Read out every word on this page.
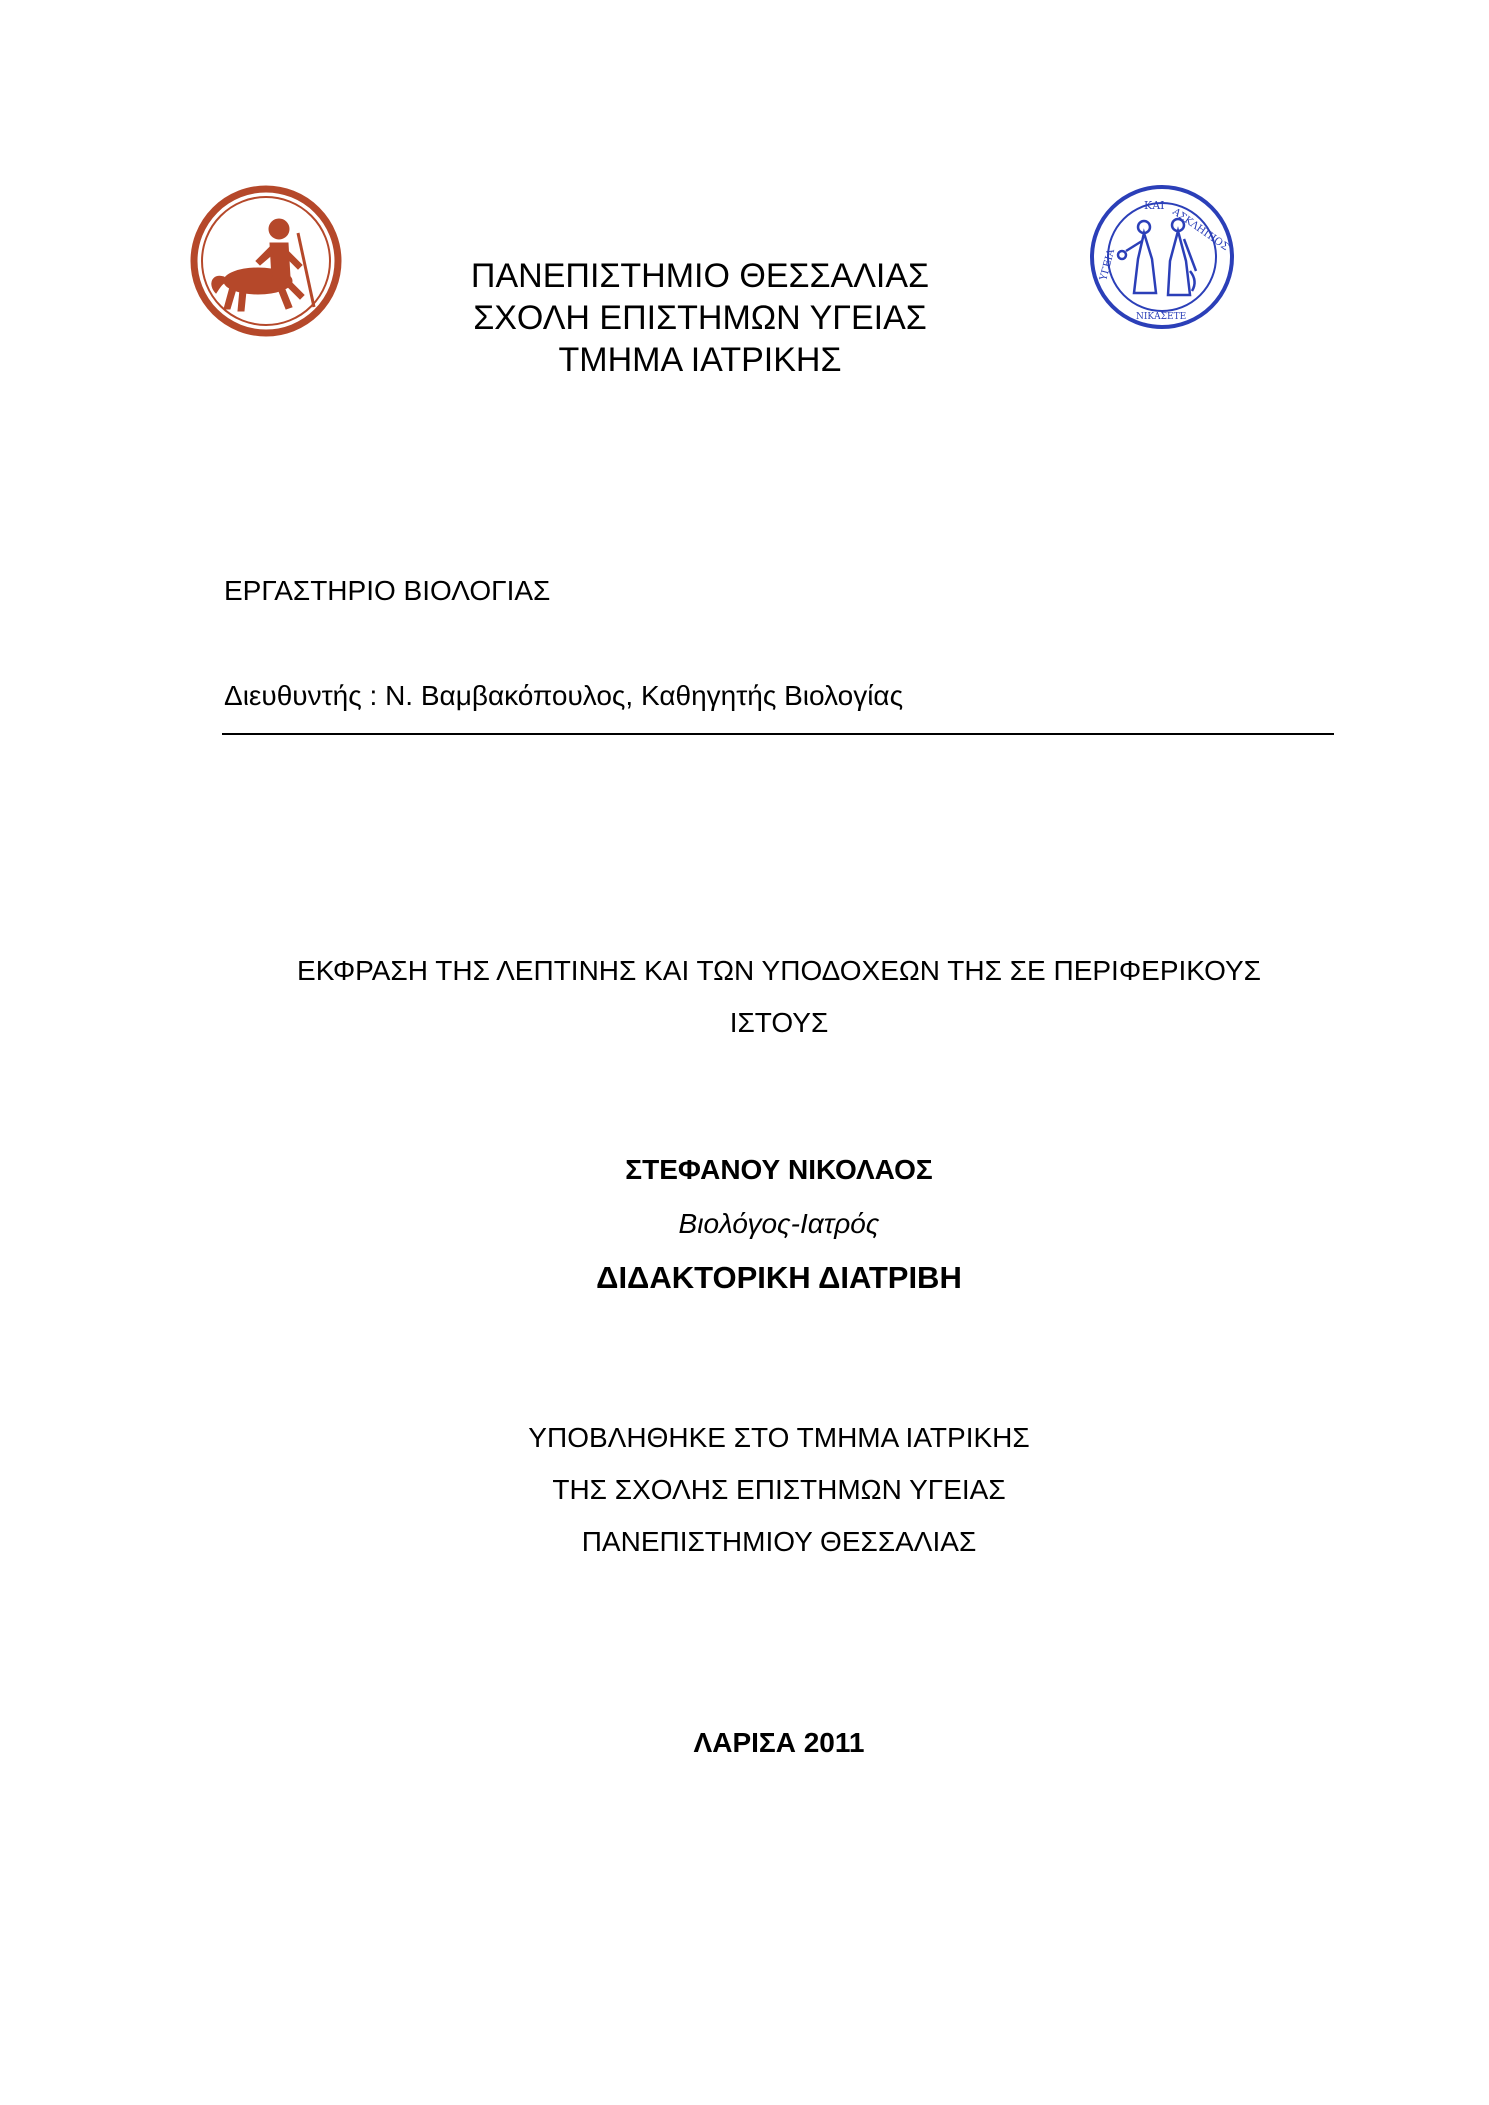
ΚΑΙ
ΑΣΚΛΗΠΙΟΣ
ΥΓΕΙΑ
ΝΙΚΑΣΕΤΕ
ΠΑΝΕΠΙΣΤΗΜΙΟ ΘΕΣΣΑΛΙΑΣ
ΣΧΟΛΗ ΕΠΙΣΤΗΜΩΝ ΥΓΕΙΑΣ
ΤΜΗΜΑ ΙΑΤΡΙΚΗΣ
ΕΡΓΑΣΤΗΡΙΟ ΒΙΟΛΟΓΙΑΣ
Διευθυντής : Ν. Βαμβακόπουλος, Καθηγητής Βιολογίας
ΕΚΦΡΑΣΗ ΤΗΣ ΛΕΠΤΙΝΗΣ ΚΑΙ ΤΩΝ ΥΠΟΔΟΧΕΩΝ ΤΗΣ ΣΕ ΠΕΡΙΦΕΡΙΚΟΥΣ
ΙΣΤΟΥΣ
ΣΤΕΦΑΝΟΥ ΝΙΚΟΛΑΟΣ
Βιολόγος-Ιατρός
ΔΙΔΑΚΤΟΡΙΚΗ ΔΙΑΤΡΙΒΗ
ΥΠΟΒΛΗΘΗΚΕ ΣΤΟ ΤΜΗΜΑ ΙΑΤΡΙΚΗΣ
ΤΗΣ ΣΧΟΛΗΣ ΕΠΙΣΤΗΜΩΝ ΥΓΕΙΑΣ
ΠΑΝΕΠΙΣΤΗΜΙΟΥ ΘΕΣΣΑΛΙΑΣ
ΛΑΡΙΣΑ 2011
